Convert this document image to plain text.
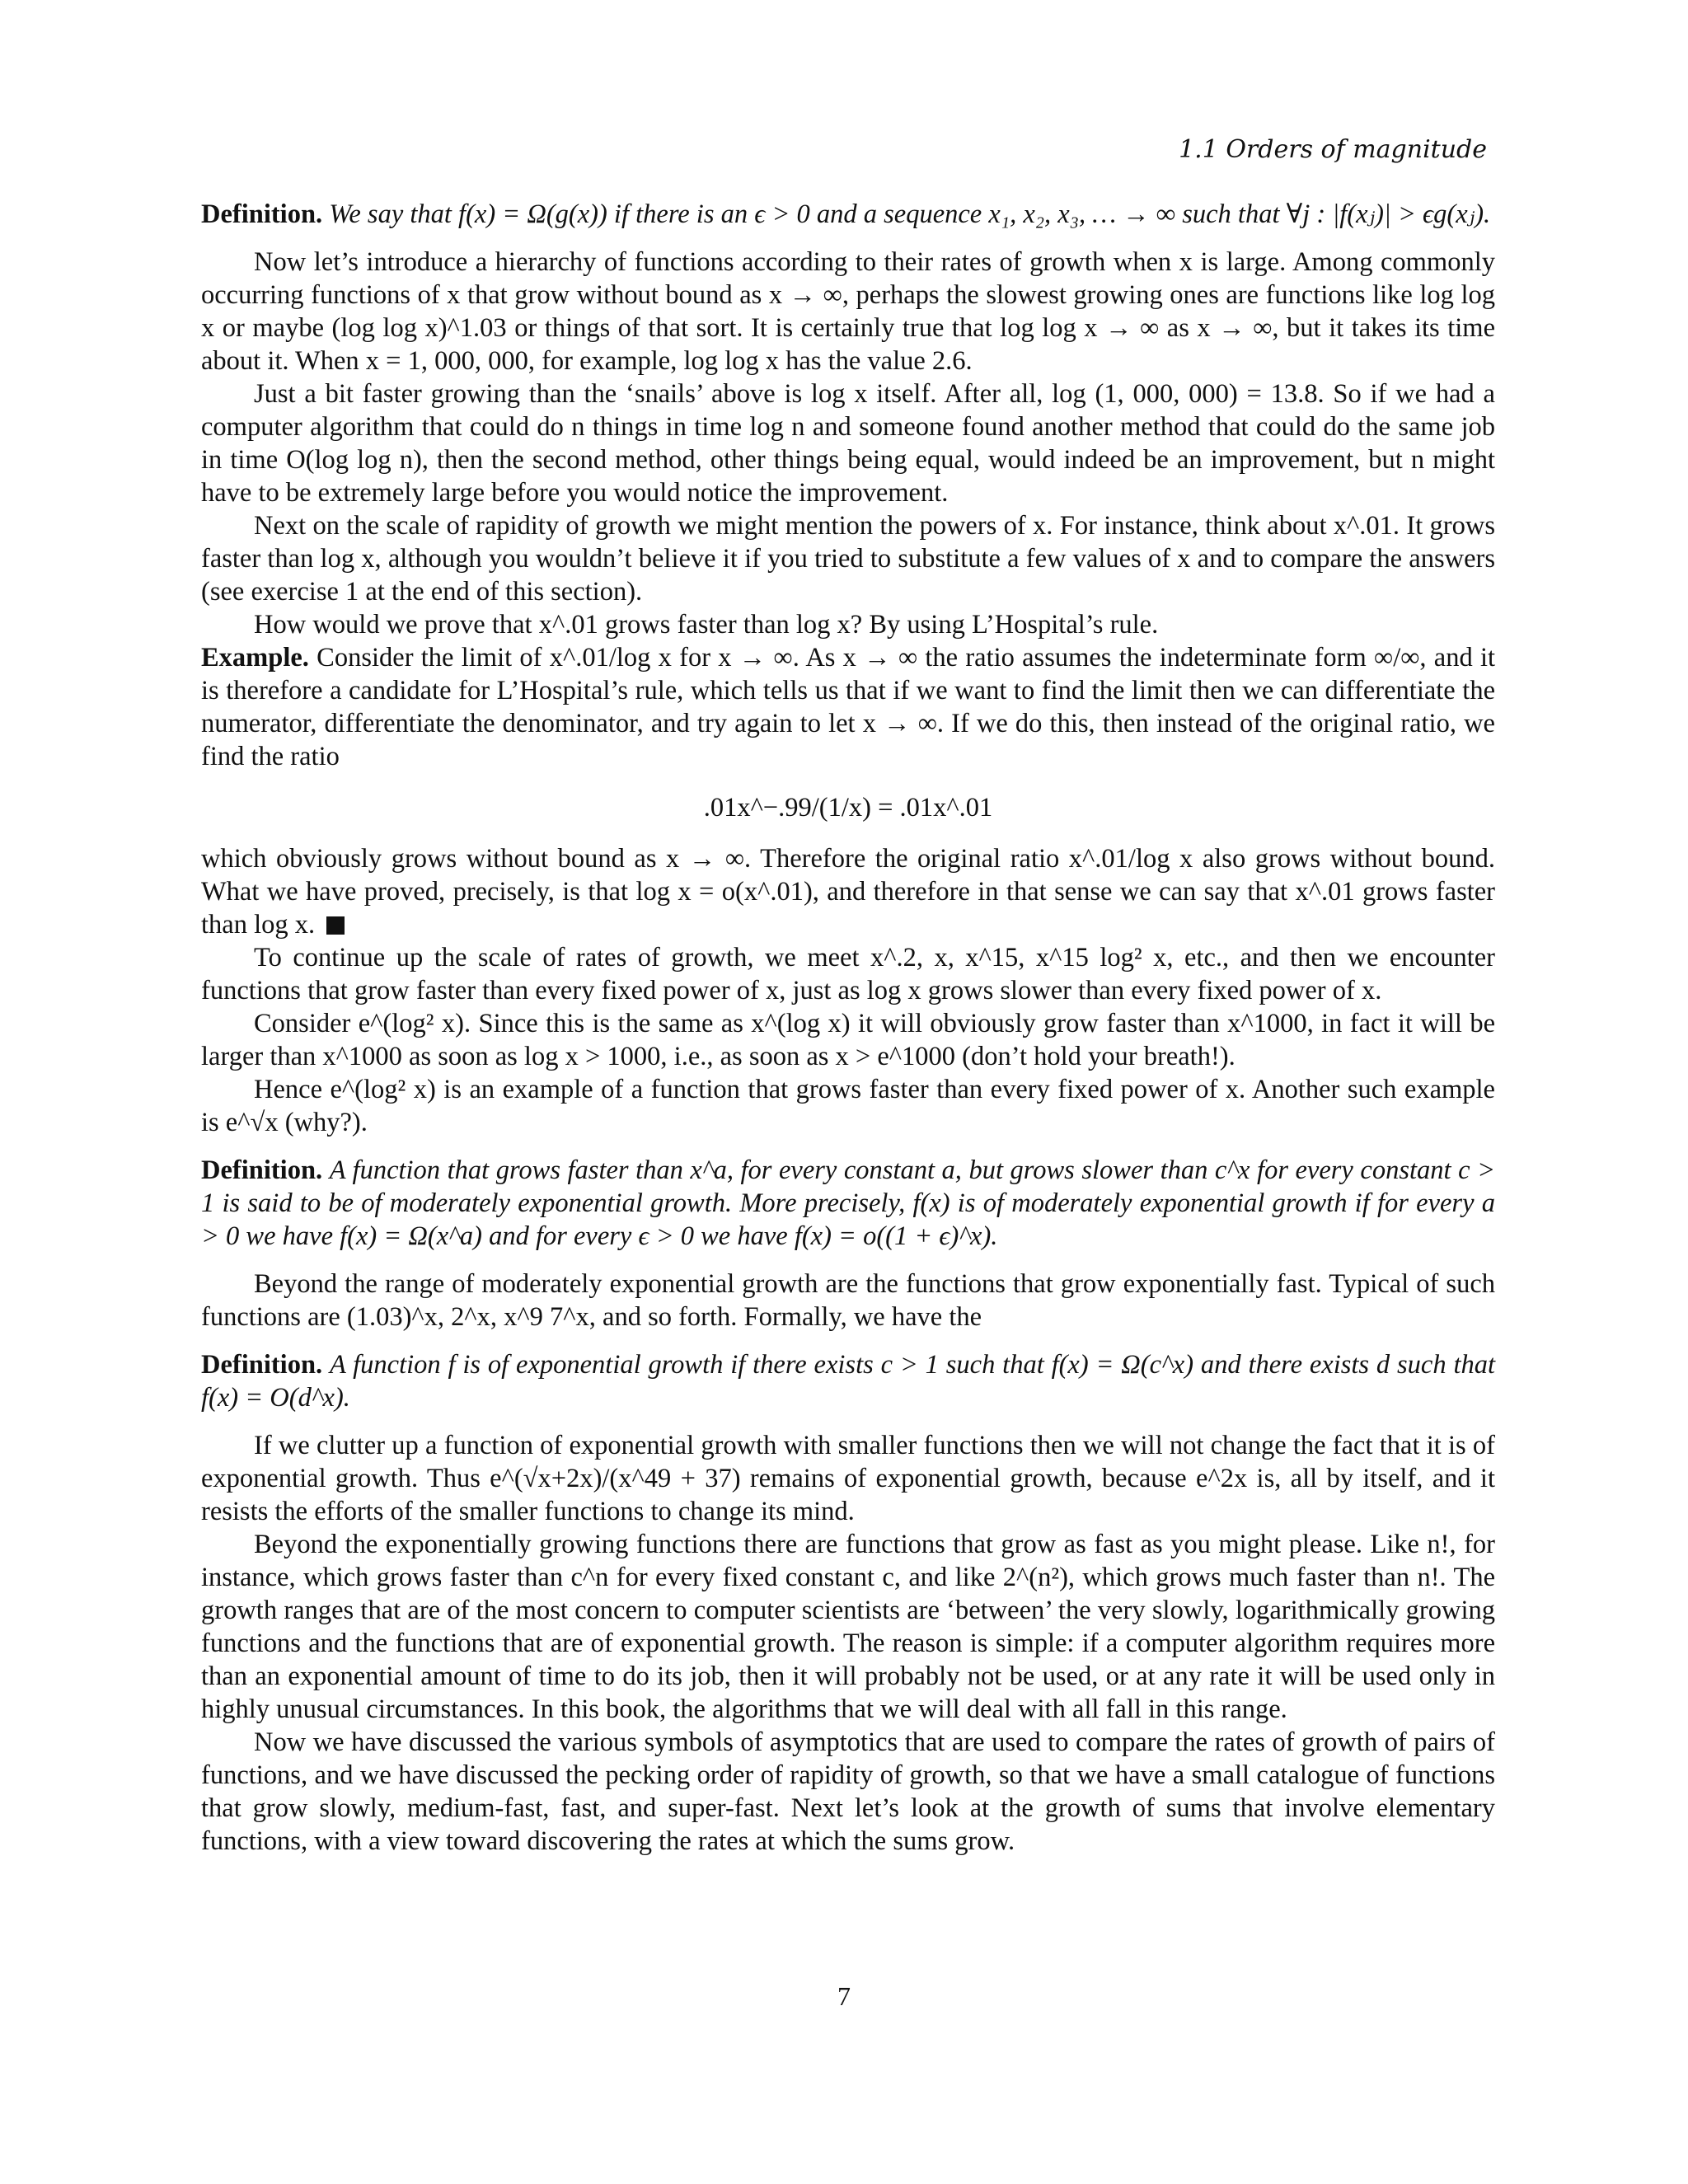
1.1 Orders of magnitude

Definition. We say that f(x) = Ω(g(x)) if there is an ϵ > 0 and a sequence x₁, x₂, x₃, … → ∞ such that ∀j : |f(xⱼ)| > ϵg(xⱼ).

Now let’s introduce a hierarchy of functions according to their rates of growth when x is large. Among commonly occurring functions of x that grow without bound as x → ∞, perhaps the slowest growing ones are functions like log log x or maybe (log log x)^1.03 or things of that sort. It is certainly true that log log x → ∞ as x → ∞, but it takes its time about it. When x = 1, 000, 000, for example, log log x has the value 2.6.

Just a bit faster growing than the ‘snails’ above is log x itself. After all, log (1, 000, 000) = 13.8. So if we had a computer algorithm that could do n things in time log n and someone found another method that could do the same job in time O(log log n), then the second method, other things being equal, would indeed be an improvement, but n might have to be extremely large before you would notice the improvement.

Next on the scale of rapidity of growth we might mention the powers of x. For instance, think about x^.01. It grows faster than log x, although you wouldn’t believe it if you tried to substitute a few values of x and to compare the answers (see exercise 1 at the end of this section).

How would we prove that x^.01 grows faster than log x? By using L’Hospital’s rule.

Example. Consider the limit of x^.01/log x for x → ∞. As x → ∞ the ratio assumes the indeterminate form ∞/∞, and it is therefore a candidate for L’Hospital’s rule, which tells us that if we want to find the limit then we can differentiate the numerator, differentiate the denominator, and try again to let x → ∞. If we do this, then instead of the original ratio, we find the ratio

.01x^−.99/(1/x) = .01x^.01

which obviously grows without bound as x → ∞. Therefore the original ratio x^.01/log x also grows without bound. What we have proved, precisely, is that log x = o(x^.01), and therefore in that sense we can say that x^.01 grows faster than log x.

To continue up the scale of rates of growth, we meet x^.2, x, x^15, x^15 log² x, etc., and then we encounter functions that grow faster than every fixed power of x, just as log x grows slower than every fixed power of x.

Consider e^(log² x). Since this is the same as x^(log x) it will obviously grow faster than x^1000, in fact it will be larger than x^1000 as soon as log x > 1000, i.e., as soon as x > e^1000 (don’t hold your breath!).

Hence e^(log² x) is an example of a function that grows faster than every fixed power of x. Another such example is e^√x (why?).

Definition. A function that grows faster than x^a, for every constant a, but grows slower than c^x for every constant c > 1 is said to be of moderately exponential growth. More precisely, f(x) is of moderately exponential growth if for every a > 0 we have f(x) = Ω(x^a) and for every ϵ > 0 we have f(x) = o((1 + ϵ)^x).

Beyond the range of moderately exponential growth are the functions that grow exponentially fast. Typical of such functions are (1.03)^x, 2^x, x^9 7^x, and so forth. Formally, we have the

Definition. A function f is of exponential growth if there exists c > 1 such that f(x) = Ω(c^x) and there exists d such that f(x) = O(d^x).

If we clutter up a function of exponential growth with smaller functions then we will not change the fact that it is of exponential growth. Thus e^(√x+2x)/(x^49 + 37) remains of exponential growth, because e^2x is, all by itself, and it resists the efforts of the smaller functions to change its mind.

Beyond the exponentially growing functions there are functions that grow as fast as you might please. Like n!, for instance, which grows faster than c^n for every fixed constant c, and like 2^(n²), which grows much faster than n!. The growth ranges that are of the most concern to computer scientists are ‘between’ the very slowly, logarithmically growing functions and the functions that are of exponential growth. The reason is simple: if a computer algorithm requires more than an exponential amount of time to do its job, then it will probably not be used, or at any rate it will be used only in highly unusual circumstances. In this book, the algorithms that we will deal with all fall in this range.

Now we have discussed the various symbols of asymptotics that are used to compare the rates of growth of pairs of functions, and we have discussed the pecking order of rapidity of growth, so that we have a small catalogue of functions that grow slowly, medium-fast, fast, and super-fast. Next let’s look at the growth of sums that involve elementary functions, with a view toward discovering the rates at which the sums grow.

7
